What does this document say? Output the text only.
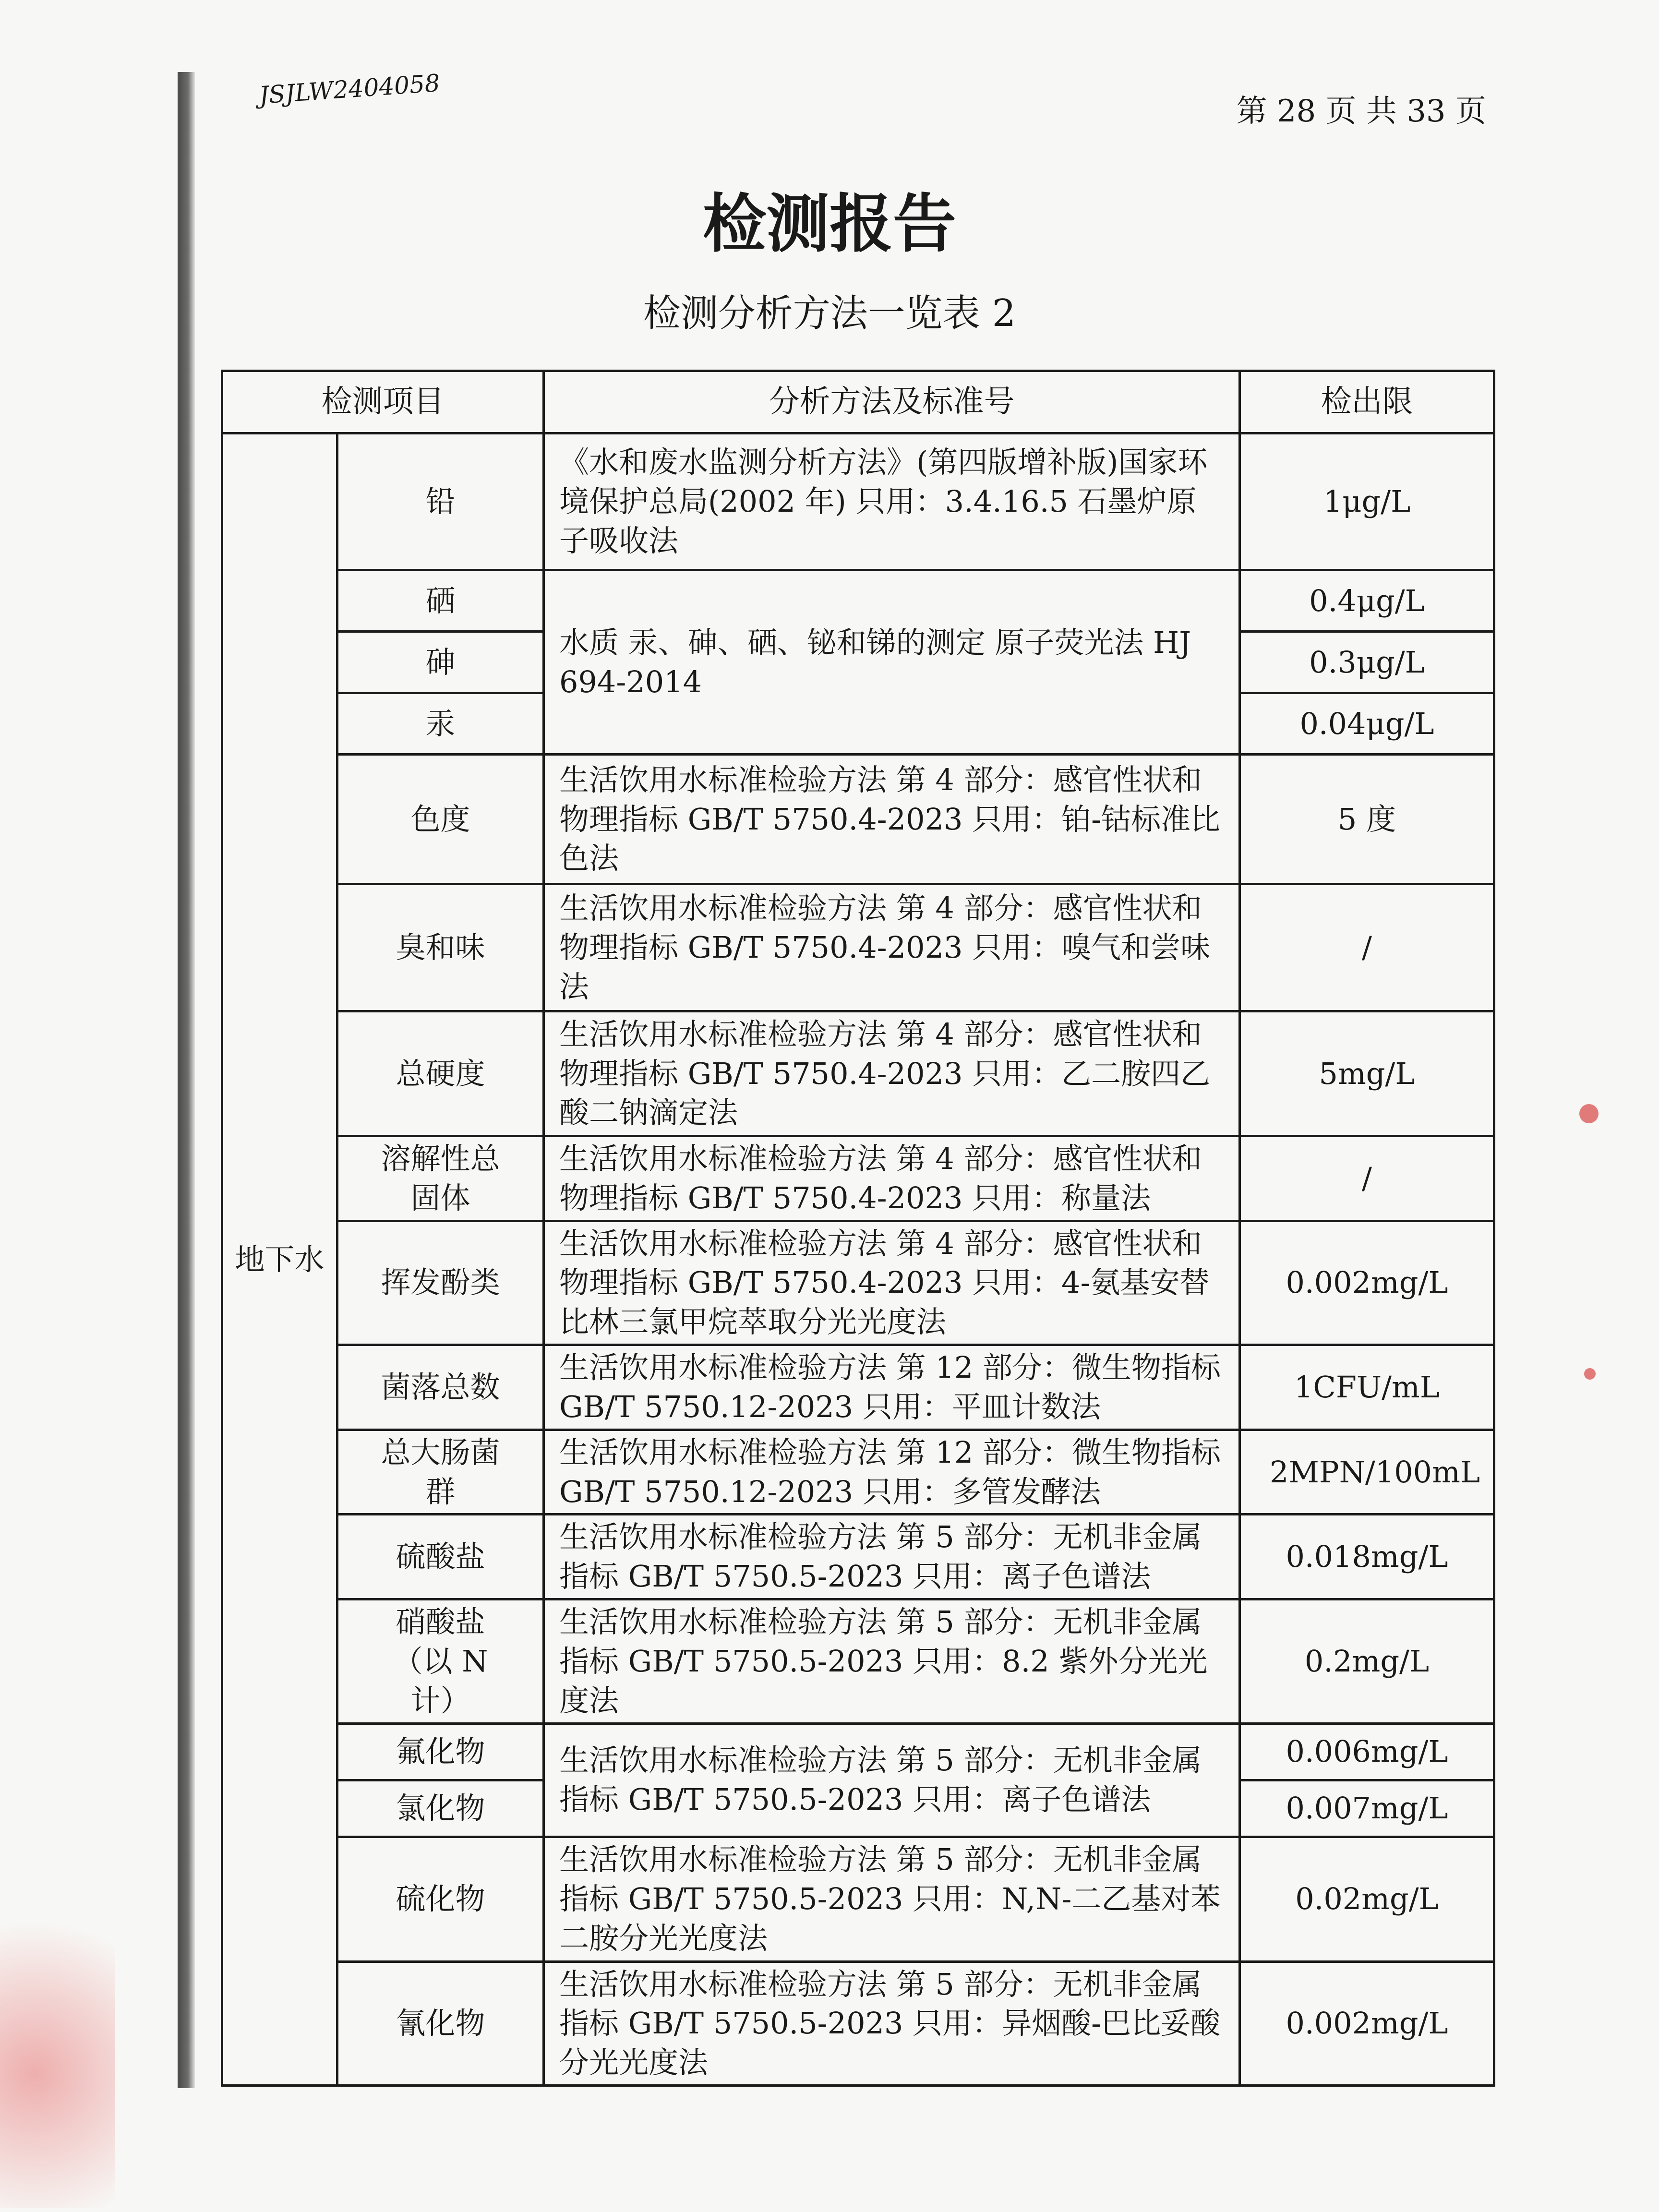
JSJLW2404058
第 28 页 共 33 页
检测报告
检测分析方法一览表 2
检测项目		分析方法及标准号	检出限
地下水	铅	《水和废水监测分析方法》(第四版增补版)国家环境保护总局(2002 年) 只用：3.4.16.5 石墨炉原子吸收法	1μg/L
	硒	水质 汞、砷、硒、铋和锑的测定 原子荧光法 HJ 694-2014	0.4μg/L
	砷		0.3μg/L
	汞		0.04μg/L
	色度	生活饮用水标准检验方法 第 4 部分：感官性状和物理指标 GB/T 5750.4-2023 只用：铂-钴标准比色法	5 度
	臭和味	生活饮用水标准检验方法 第 4 部分：感官性状和物理指标 GB/T 5750.4-2023 只用：嗅气和尝味法	/
	总硬度	生活饮用水标准检验方法 第 4 部分：感官性状和物理指标 GB/T 5750.4-2023 只用：乙二胺四乙酸二钠滴定法	5mg/L
	溶解性总固体	生活饮用水标准检验方法 第 4 部分：感官性状和物理指标 GB/T 5750.4-2023 只用：称量法	/
	挥发酚类	生活饮用水标准检验方法 第 4 部分：感官性状和物理指标 GB/T 5750.4-2023 只用：4-氨基安替比林三氯甲烷萃取分光光度法	0.002mg/L
	菌落总数	生活饮用水标准检验方法 第 12 部分：微生物指标 GB/T 5750.12-2023 只用：平皿计数法	1CFU/mL
	总大肠菌群	生活饮用水标准检验方法 第 12 部分：微生物指标 GB/T 5750.12-2023 只用：多管发酵法	2MPN/100mL
	硫酸盐	生活饮用水标准检验方法 第 5 部分：无机非金属指标 GB/T 5750.5-2023 只用：离子色谱法	0.018mg/L
	硝酸盐（以 N 计）	生活饮用水标准检验方法 第 5 部分：无机非金属指标 GB/T 5750.5-2023 只用：8.2 紫外分光光度法	0.2mg/L
	氟化物	生活饮用水标准检验方法 第 5 部分：无机非金属指标 GB/T 5750.5-2023 只用：离子色谱法	0.006mg/L
	氯化物		0.007mg/L
	硫化物	生活饮用水标准检验方法 第 5 部分：无机非金属指标 GB/T 5750.5-2023 只用：N,N-二乙基对苯二胺分光光度法	0.02mg/L
	氰化物	生活饮用水标准检验方法 第 5 部分：无机非金属指标 GB/T 5750.5-2023 只用：异烟酸-巴比妥酸分光光度法	0.002mg/L
